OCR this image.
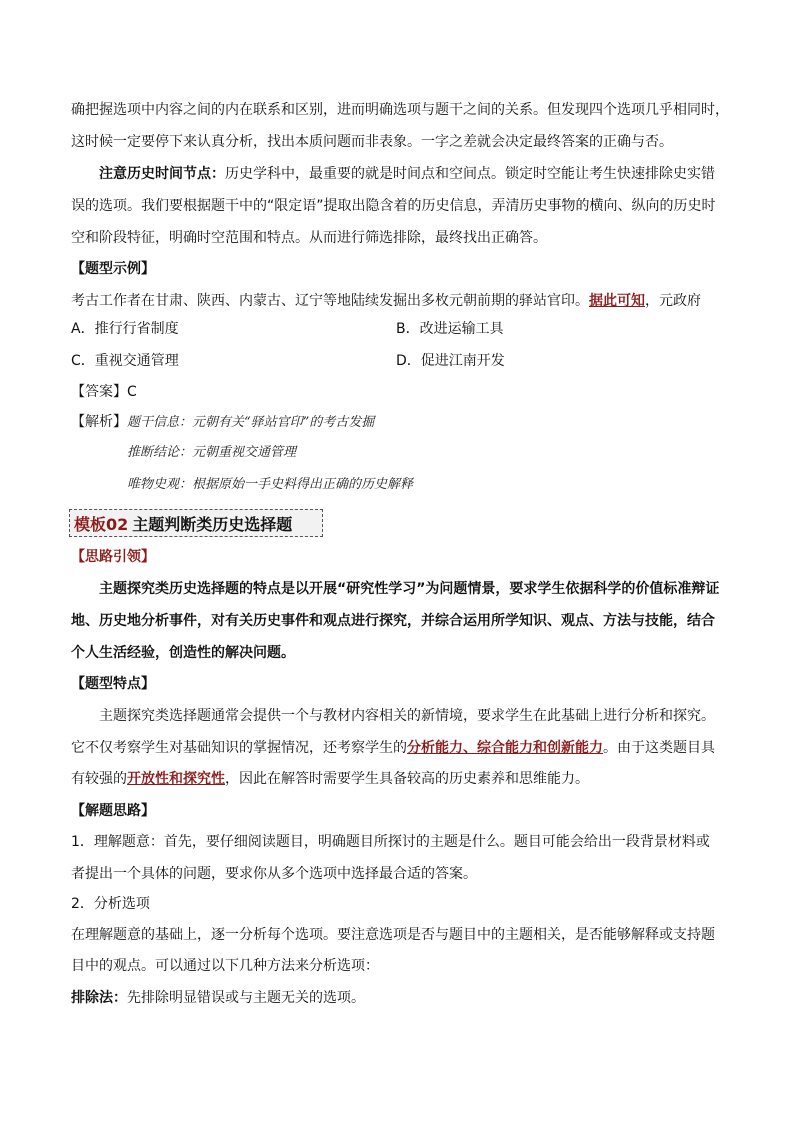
确把握选项中内容之间的内在联系和区别，进而明确选项与题干之间的关系。但发现四个选项几乎相同时，

这时候一定要停下来认真分析，找出本质问题而非表象。一字之差就会决定最终答案的正确与否。

注意历史时间节点：历史学科中，最重要的就是时间点和空间点。锁定时空能让考生快速排除史实错

误的选项。我们要根据题干中的“限定语”提取出隐含着的历史信息，弄清历史事物的横向、纵向的历史时

空和阶段特征，明确时空范围和特点。从而进行筛选排除，最终找出正确答。

【题型示例】

考古工作者在甘肃、陕西、内蒙古、辽宁等地陆续发掘出多枚元朝前期的驿站官印。据此可知，元政府

A．推行行省制度	B．改进运输工具
C．重视交通管理	D．促进江南开发

【答案】C

【解析】题干信息：元朝有关“驿站官印”的考古发掘

推断结论：元朝重视交通管理

唯物史观：根据原始一手史料得出正确的历史解释

模板02 主题判断类历史选择题

【思路引领】

主题探究类历史选择题的特点是以开展“研究性学习”为问题情景，要求学生依据科学的价值标准辩证

地、历史地分析事件，对有关历史事件和观点进行探究，并综合运用所学知识、观点、方法与技能，结合

个人生活经验，创造性的解决问题。

【题型特点】

主题探究类选择题通常会提供一个与教材内容相关的新情境，要求学生在此基础上进行分析和探究。

它不仅考察学生对基础知识的掌握情况，还考察学生的分析能力、综合能力和创新能力。由于这类题目具

有较强的开放性和探究性，因此在解答时需要学生具备较高的历史素养和思维能力。

【解题思路】

1．理解题意：首先，要仔细阅读题目，明确题目所探讨的主题是什么。题目可能会给出一段背景材料或

者提出一个具体的问题，要求你从多个选项中选择最合适的答案。

2．分析选项

在理解题意的基础上，逐一分析每个选项。要注意选项是否与题目中的主题相关，是否能够解释或支持题

目中的观点。可以通过以下几种方法来分析选项：

排除法：先排除明显错误或与主题无关的选项。
